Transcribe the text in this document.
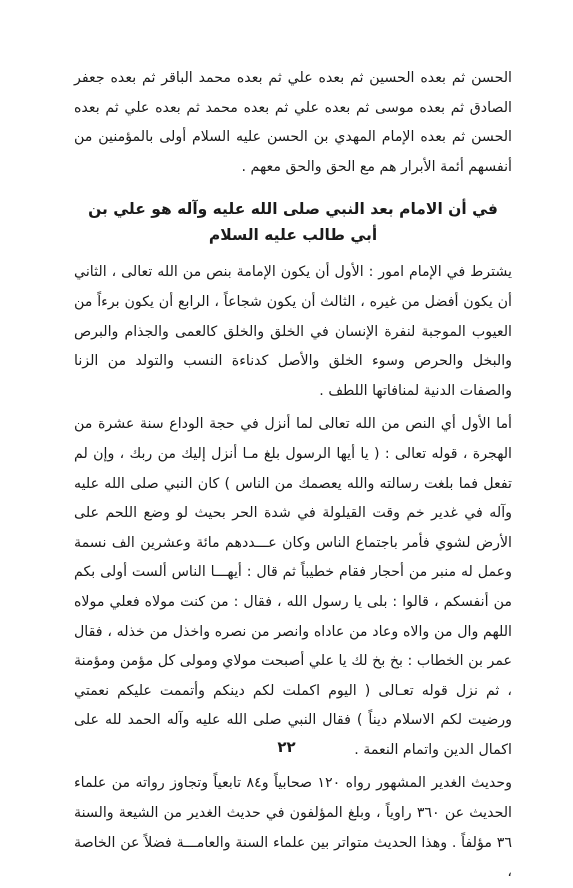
الحسن ثم بعده الحسين ثم بعده علي ثم بعده محمد الباقر ثم بعده جعفر الصادق ثم بعده موسى ثم بعده علي ثم بعده محمد ثم بعده علي ثم بعده الحسن ثم بعده الإمام المهدي بن الحسن عليه السلام أولى بالمؤمنين من أنفسهم أئمة الأبرار هم مع الحق والحق معهم .

في أن الامام بعد النبي صلى الله عليه وآله هو علي بن أبي طالب عليه السلام

يشترط في الإمام امور : الأول أن يكون الإمامة بنص من الله تعالى ، الثاني أن يكون أفضل من غيره ، الثالث أن يكون شجاعاً ، الرابع أن يكون برءاً من العيوب الموجبة لنفرة الإنسان في الخلق والخلق كالعمى والجذام والبرص والبخل والحرص وسوء الخلق والأصل كدناءة النسب والتولد من الزنا والصفات الدنية لمنافاتها اللطف .

أما الأول أي النص من الله تعالى لما أنزل في حجة الوداع سنة عشرة من الهجرة ، قوله تعالى : ( يا أيها الرسول بلغ مـا أنزل إليك من ربك ، وإن لم تفعل فما بلغت رسالته والله يعصمك من الناس ) كان النبي صلى الله عليه وآله في غدير خم وقت القيلولة في شدة الحر بحيث لو وضع اللحم على الأرض لشوي فأمر باجتماع الناس وكان عـــددهم مائة وعشرين الف نسمة وعمل له منبر من أحجار فقام خطيباً ثم قال : أيهـــا الناس ألست أولى بكم من أنفسكم ، قالوا : بلى يا رسول الله ، فقال : من كنت مولاه فعلي مولاه اللهم وال من والاه وعاد من عاداه وانصر من نصره واخذل من خذله ، فقال عمر بن الخطاب : بخ بخ لك يا علي أصبحت مولاي ومولى كل مؤمن ومؤمنة ، ثم نزل قوله تعـالى ( اليوم اكملت لكم دينكم وأتممت عليكم نعمتي ورضيت لكم الاسلام ديناً ) فقال النبي صلى الله عليه وآله الحمد لله على اكمال الدين واتمام النعمة .

وحديث الغدير المشهور رواه ١٢٠ صحابياً و٨٤ تابعياً وتجاوز رواته من علماء الحديث عن ٣٦٠ راوياً ، وبلغ المؤلفون في حديث الغدير من الشيعة والسنة ٣٦ مؤلفاً . وهذا الحديث متواتر بين علماء السنة والعامـــة فضلاً عن الخاصة ،

٢٢
